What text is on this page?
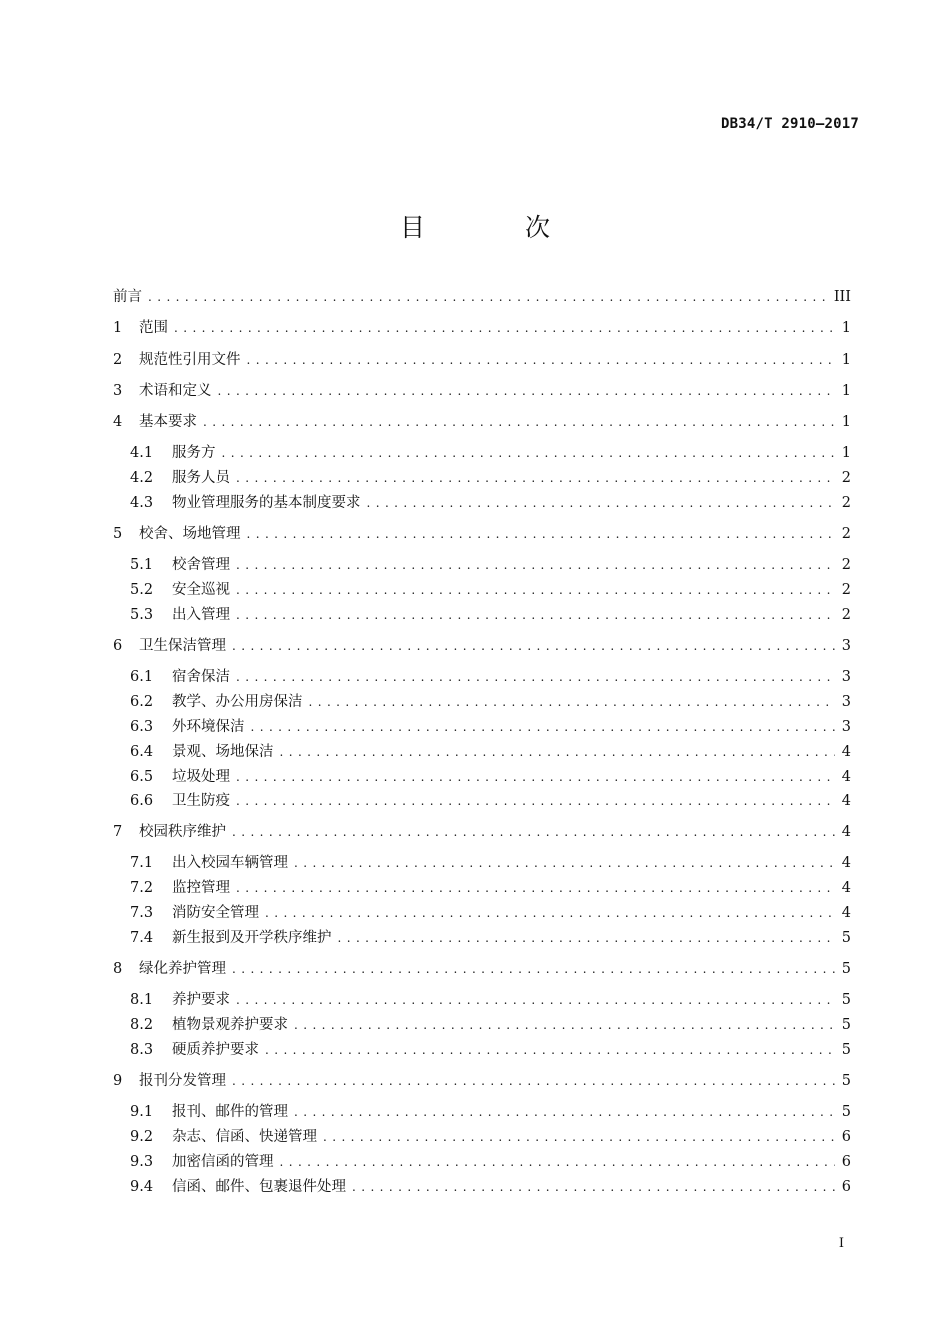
DB34/T 2910—2017
目 次
前言 . . .	III
1	范围 . . .	1
2	规范性引用文件 . . .	1
3	术语和定义 . . .	1
4	基本要求 . . .	1
4.1	服务方 . . .	1
4.2	服务人员 . . .	2
4.3	物业管理服务的基本制度要求 . . .	2
5	校舍、场地管理 . . .	2
5.1	校舍管理 . . .	2
5.2	安全巡视 . . .	2
5.3	出入管理 . . .	2
6	卫生保洁管理 . . .	3
6.1	宿舍保洁 . . .	3
6.2	教学、办公用房保洁 . . .	3
6.3	外环境保洁 . . .	3
6.4	景观、场地保洁 . . .	4
6.5	垃圾处理 . . .	4
6.6	卫生防疫 . . .	4
7	校园秩序维护 . . .	4
7.1	出入校园车辆管理 . . .	4
7.2	监控管理 . . .	4
7.3	消防安全管理 . . .	4
7.4	新生报到及开学秩序维护 . . .	5
8	绿化养护管理 . . .	5
8.1	养护要求 . . .	5
8.2	植物景观养护要求 . . .	5
8.3	硬质养护要求 . . .	5
9	报刊分发管理 . . .	5
9.1	报刊、邮件的管理 . . .	5
9.2	杂志、信函、快递管理 . . .	6
9.3	加密信函的管理 . . .	6
9.4	信函、邮件、包裹退件处理 . . .	6
I
